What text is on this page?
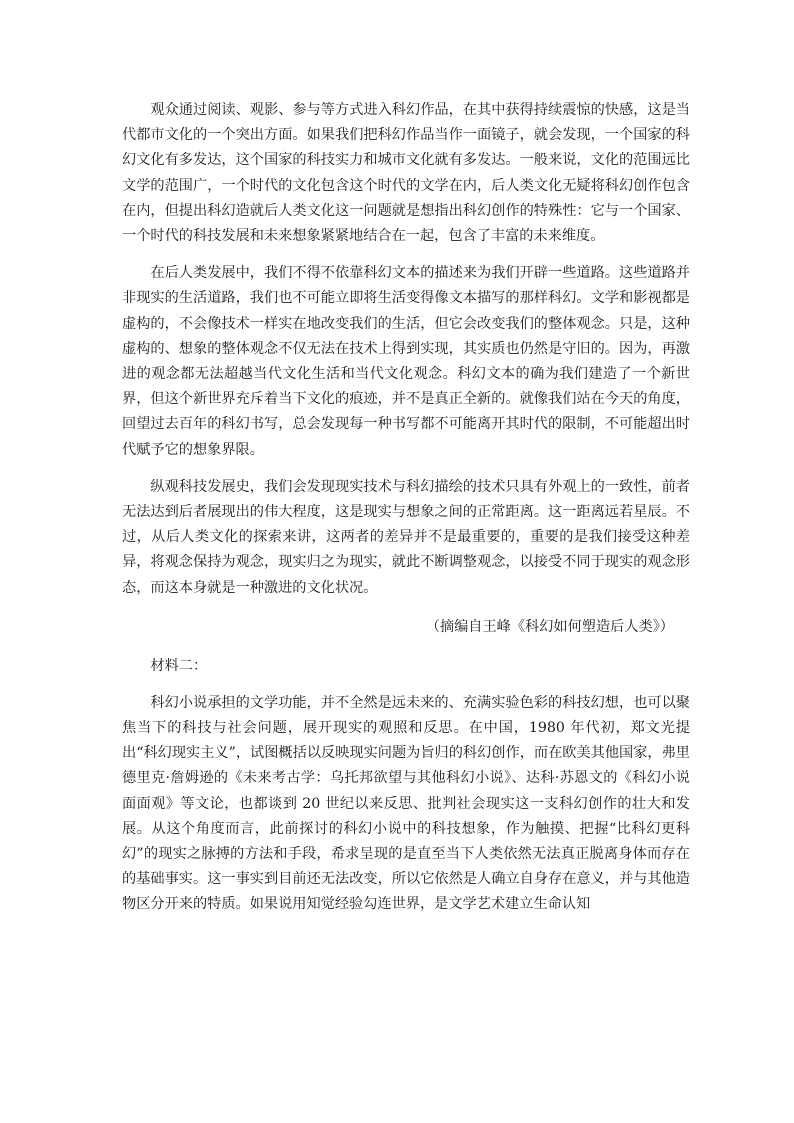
观众通过阅读、观影、参与等方式进入科幻作品，在其中获得持续震惊的快感，这是当代都市文化的一个突出方面。如果我们把科幻作品当作一面镜子，就会发现，一个国家的科幻文化有多发达，这个国家的科技实力和城市文化就有多发达。一般来说，文化的范围远比文学的范围广，一个时代的文化包含这个时代的文学在内，后人类文化无疑将科幻创作包含在内，但提出科幻造就后人类文化这一问题就是想指出科幻创作的特殊性：它与一个国家、一个时代的科技发展和未来想象紧紧地结合在一起，包含了丰富的未来维度。

在后人类发展中，我们不得不依靠科幻文本的描述来为我们开辟一些道路。这些道路并非现实的生活道路，我们也不可能立即将生活变得像文本描写的那样科幻。文学和影视都是虚构的，不会像技术一样实在地改变我们的生活，但它会改变我们的整体观念。只是，这种虚构的、想象的整体观念不仅无法在技术上得到实现，其实质也仍然是守旧的。因为，再激进的观念都无法超越当代文化生活和当代文化观念。科幻文本的确为我们建造了一个新世界，但这个新世界充斥着当下文化的痕迹，并不是真正全新的。就像我们站在今天的角度，回望过去百年的科幻书写，总会发现每一种书写都不可能离开其时代的限制，不可能超出时代赋予它的想象界限。

纵观科技发展史，我们会发现现实技术与科幻描绘的技术只具有外观上的一致性，前者无法达到后者展现出的伟大程度，这是现实与想象之间的正常距离。这一距离远若星辰。不过，从后人类文化的探索来讲，这两者的差异并不是最重要的，重要的是我们接受这种差异，将观念保持为观念，现实归之为现实，就此不断调整观念，以接受不同于现实的观念形态，而这本身就是一种激进的文化状况。

（摘编自王峰《科幻如何塑造后人类》）
材料二：

科幻小说承担的文学功能，并不全然是远未来的、充满实验色彩的科技幻想，也可以聚焦当下的科技与社会问题，展开现实的观照和反思。在中国，1980 年代初，郑文光提出“科幻现实主义”，试图概括以反映现实问题为旨归的科幻创作，而在欧美其他国家，弗里德里克·詹姆逊的《未来考古学：乌托邦欲望与其他科幻小说》、达科·苏恩文的《科幻小说面面观》等文论，也都谈到 20 世纪以来反思、批判社会现实这一支科幻创作的壮大和发展。从这个角度而言，此前探讨的科幻小说中的科技想象，作为触摸、把握“比科幻更科幻”的现实之脉搏的方法和手段，希求呈现的是直至当下人类依然无法真正脱离身体而存在的基础事实。这一事实到目前还无法改变，所以它依然是人确立自身存在意义，并与其他造物区分开来的特质。如果说用知觉经验勾连世界，是文学艺术建立生命认知
